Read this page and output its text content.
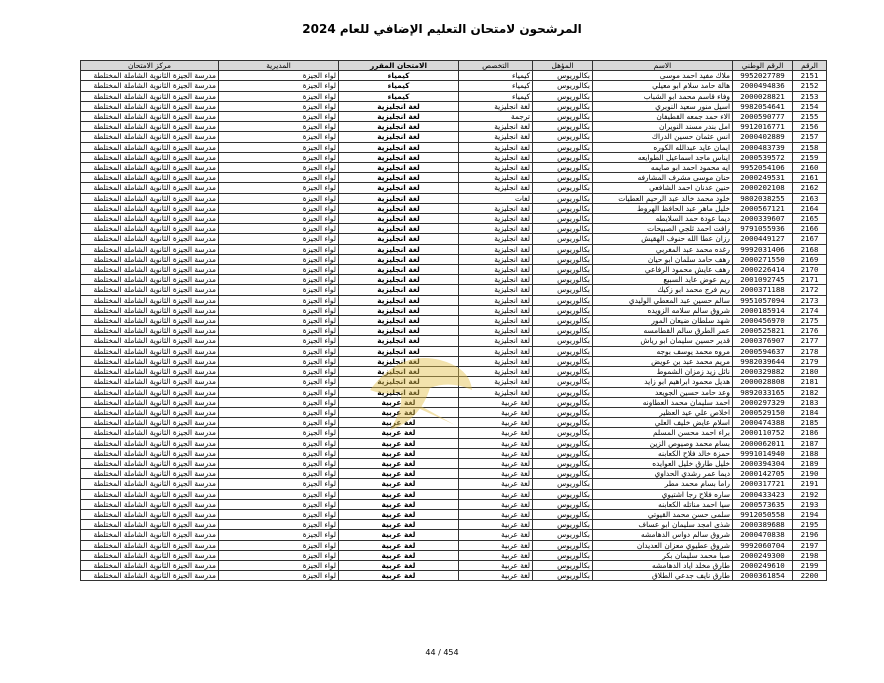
المرشحون لامتحان التعليم الإضافي للعام 2024
الرقم	الرقم الوطني	الاسم	المؤهل	التخصص	الامتحان المقرر	المديرية	مركز الامتحان
2151	9952027789	ملاك مفيد احمد موسى	بكالوريوس	كيمياء	كيمياء	لواء الجيزة	مدرسة الجيزة الثانوية الشاملة المختلطة
2152	2000494836	هالة حامد سلام ابو معيلي	بكالوريوس	كيمياء	كيمياء	لواء الجيزة	مدرسة الجيزة الثانوية الشاملة المختلطة
2153	2000028821	وفاء قاسم محمد ابو الشباب	بكالوريوس	كيمياء	كيمياء	لواء الجيزة	مدرسة الجيزة الثانوية الشاملة المختلطة
2154	9982054641	اسيل منور سعيد النوبري	بكالوريوس	لغة انجليزية	لغة انجليزية	لواء الجيزة	مدرسة الجيزة الثانوية الشاملة المختلطة
2155	2000590777	الاء حمد جمعه القطيفان	بكالوريوس	ترجمة	لغة انجليزية	لواء الجيزة	مدرسة الجيزة الثانوية الشاملة المختلطة
2156	9912016771	امل بندر مسند النويران	بكالوريوس	لغة انجليزية	لغة انجليزية	لواء الجيزة	مدرسة الجيزة الثانوية الشاملة المختلطة
2157	2000402889	انس عثمان حسين الدراك	بكالوريوس	لغة انجليزية	لغة انجليزية	لواء الجيزة	مدرسة الجيزة الثانوية الشاملة المختلطة
2158	2000483739	ايمان عايد عبدالله الكوره	بكالوريوس	لغة انجليزية	لغة انجليزية	لواء الجيزة	مدرسة الجيزة الثانوية الشاملة المختلطة
2159	2000539572	ايناس ماجد اسماعيل الطوايعه	بكالوريوس	لغة انجليزية	لغة انجليزية	لواء الجيزة	مدرسة الجيزة الثانوية الشاملة المختلطة
2160	9952054106	ايه محمود احمد ابو صايمه	بكالوريوس	لغة انجليزية	لغة انجليزية	لواء الجيزة	مدرسة الجيزة الثانوية الشاملة المختلطة
2161	2000249531	حنان موسى مشرف المشارفه	بكالوريوس	لغة انجليزية	لغة انجليزية	لواء الجيزة	مدرسة الجيزة الثانوية الشاملة المختلطة
2162	2000202108	حنين عدنان احمد الشافعي	بكالوريوس	لغة انجليزية	لغة انجليزية	لواء الجيزة	مدرسة الجيزة الثانوية الشاملة المختلطة
2163	9802038255	خلود محمد خالد عبد الرحيم العطيات	بكالوريوس	لغات	لغة انجليزية	لواء الجيزة	مدرسة الجيزة الثانوية الشاملة المختلطة
2164	2000567121	خليل ماهر عبد الحافظ الهروط	بكالوريوس	لغة انجليزية	لغة انجليزية	لواء الجيزة	مدرسة الجيزة الثانوية الشاملة المختلطة
2165	2000339607	ديما عودة حمد السلايطه	بكالوريوس	لغة انجليزية	لغة انجليزية	لواء الجيزة	مدرسة الجيزة الثانوية الشاملة المختلطة
2166	9791055936	رافت احمد ثلجي الصبيحات	بكالوريوس	لغة انجليزية	لغة انجليزية	لواء الجيزة	مدرسة الجيزة الثانوية الشاملة المختلطة
2167	2000449127	رزان عطا الله حنوف الهقيش	بكالوريوس	لغة انجليزية	لغة انجليزية	لواء الجيزة	مدرسة الجيزة الثانوية الشاملة المختلطة
2168	9992031406	رغده محمد عبد المغربي	بكالوريوس	لغة انجليزية	لغة انجليزية	لواء الجيزة	مدرسة الجيزة الثانوية الشاملة المختلطة
2169	2000271550	رهف حامد سلمان ابو حيان	بكالوريوس	لغة انجليزية	لغة انجليزية	لواء الجيزة	مدرسة الجيزة الثانوية الشاملة المختلطة
2170	2000226414	رهف عايش محمود الرفاعي	بكالوريوس	لغة انجليزية	لغة انجليزية	لواء الجيزة	مدرسة الجيزة الثانوية الشاملة المختلطة
2171	2001092745	ريم عوض عايد السبيع	بكالوريوس	لغة انجليزية	لغة انجليزية	لواء الجيزة	مدرسة الجيزة الثانوية الشاملة المختلطة
2172	2000371188	ريم فرج محمد ابو زكيك	بكالوريوس	لغة انجليزية	لغة انجليزية	لواء الجيزة	مدرسة الجيزة الثانوية الشاملة المختلطة
2173	9951057094	سالم حسين عبد المعطي الوليدي	بكالوريوس	لغة انجليزية	لغة انجليزية	لواء الجيزة	مدرسة الجيزة الثانوية الشاملة المختلطة
2174	2000185914	شروق سالم سلامه الزويده	بكالوريوس	لغة انجليزية	لغة انجليزية	لواء الجيزة	مدرسة الجيزة الثانوية الشاملة المختلطة
2175	2000456970	شهد سلطان ضيعان المور	بكالوريوس	لغة انجليزية	لغة انجليزية	لواء الجيزة	مدرسة الجيزة الثانوية الشاملة المختلطة
2176	2000525821	عمر الطرق سالم القطامسه	بكالوريوس	لغة انجليزية	لغة انجليزية	لواء الجيزة	مدرسة الجيزة الثانوية الشاملة المختلطة
2177	2000376907	قدير حسين سليمان ابو رياش	بكالوريوس	لغة انجليزية	لغة انجليزية	لواء الجيزة	مدرسة الجيزة الثانوية الشاملة المختلطة
2178	2000594637	مروه محمد يوسف بوجه	بكالوريوس	لغة انجليزية	لغة انجليزية	لواء الجيزة	مدرسة الجيزة الثانوية الشاملة المختلطة
2179	9982039644	مريم محمد عبد بن عويض	بكالوريوس	لغة انجليزية	لغة انجليزية	لواء الجيزة	مدرسة الجيزة الثانوية الشاملة المختلطة
2180	2000329882	نائل زيد زمزان الشموط	بكالوريوس	لغة انجليزية	لغة انجليزية	لواء الجيزة	مدرسة الجيزة الثانوية الشاملة المختلطة
2181	2000028808	هديل محمود ابراهيم ابو زايد	بكالوريوس	لغة انجليزية	لغة انجليزية	لواء الجيزة	مدرسة الجيزة الثانوية الشاملة المختلطة
2182	9892033165	وعد حامد حسين الجويعد	بكالوريوس	لغة انجليزية	لغة انجليزية	لواء الجيزة	مدرسة الجيزة الثانوية الشاملة المختلطة
2183	2000297329	احمد سليمان محمد العطاونه	بكالوريوس	لغة عربية	لغة عربية	لواء الجيزة	مدرسة الجيزة الثانوية الشاملة المختلطة
2184	2000529150	اخلاص علي عيد العظير	بكالوريوس	لغة عربية	لغة عربية	لواء الجيزة	مدرسة الجيزة الثانوية الشاملة المختلطة
2185	2000474388	اسلام عايض خليف العلي	بكالوريوس	لغة عربية	لغة عربية	لواء الجيزة	مدرسة الجيزة الثانوية الشاملة المختلطة
2186	2000110752	براء احمد محسن المسلم	بكالوريوس	لغة عربية	لغة عربية	لواء الجيزة	مدرسة الجيزة الثانوية الشاملة المختلطة
2187	2000062011	بسام محمد وصيوص الزين	بكالوريوس	لغة عربية	لغة عربية	لواء الجيزة	مدرسة الجيزة الثانوية الشاملة المختلطة
2188	9991014940	حمزة خالد فلاح الكعابنه	بكالوريوس	لغة عربية	لغة عربية	لواء الجيزة	مدرسة الجيزة الثانوية الشاملة المختلطة
2189	2000394304	خليل طارق خليل العوايده	بكالوريوس	لغة عربية	لغة عربية	لواء الجيزة	مدرسة الجيزة الثانوية الشاملة المختلطة
2190	2000142705	ديما عمر رشدي الحداوي	بكالوريوس	لغة عربية	لغة عربية	لواء الجيزة	مدرسة الجيزة الثانوية الشاملة المختلطة
2191	2000317721	راما بسام محمد مطر	بكالوريوس	لغة عربية	لغة عربية	لواء الجيزة	مدرسة الجيزة الثانوية الشاملة المختلطة
2192	2000433423	ساره فلاح رجا اشتيوي	بكالوريوس	لغة عربية	لغة عربية	لواء الجيزة	مدرسة الجيزة الثانوية الشاملة المختلطة
2193	2000573635	سيا احمد مناتله الكعابنه	بكالوريوس	لغة عربية	لغة عربية	لواء الجيزة	مدرسة الجيزة الثانوية الشاملة المختلطة
2194	9912050558	سلمى حسن محمد القيوتي	بكالوريوس	لغة عربية	لغة عربية	لواء الجيزة	مدرسة الجيزة الثانوية الشاملة المختلطة
2195	2000389688	شذى امجد سليمان ابو عساف	بكالوريوس	لغة عربية	لغة عربية	لواء الجيزة	مدرسة الجيزة الثانوية الشاملة المختلطة
2196	2000470838	شروق سالم دواس الدهامشه	بكالوريوس	لغة عربية	لغة عربية	لواء الجيزة	مدرسة الجيزة الثانوية الشاملة المختلطة
2197	9992060704	شروق عطيوي معزان العديدان	بكالوريوس	لغة عربية	لغة عربية	لواء الجيزة	مدرسة الجيزة الثانوية الشاملة المختلطة
2198	2000249300	صبا محمد سليمان بكر	بكالوريوس	لغة عربية	لغة عربية	لواء الجيزة	مدرسة الجيزة الثانوية الشاملة المختلطة
2199	2000249610	طارق مخلد اياد الدهامشه	بكالوريوس	لغة عربية	لغة عربية	لواء الجيزة	مدرسة الجيزة الثانوية الشاملة المختلطة
2200	2000361854	طارق نايف جدعي الطلاق	بكالوريوس	لغة عربية	لغة عربية	لواء الجيزة	مدرسة الجيزة الثانوية الشاملة المختلطة
44 / 454
